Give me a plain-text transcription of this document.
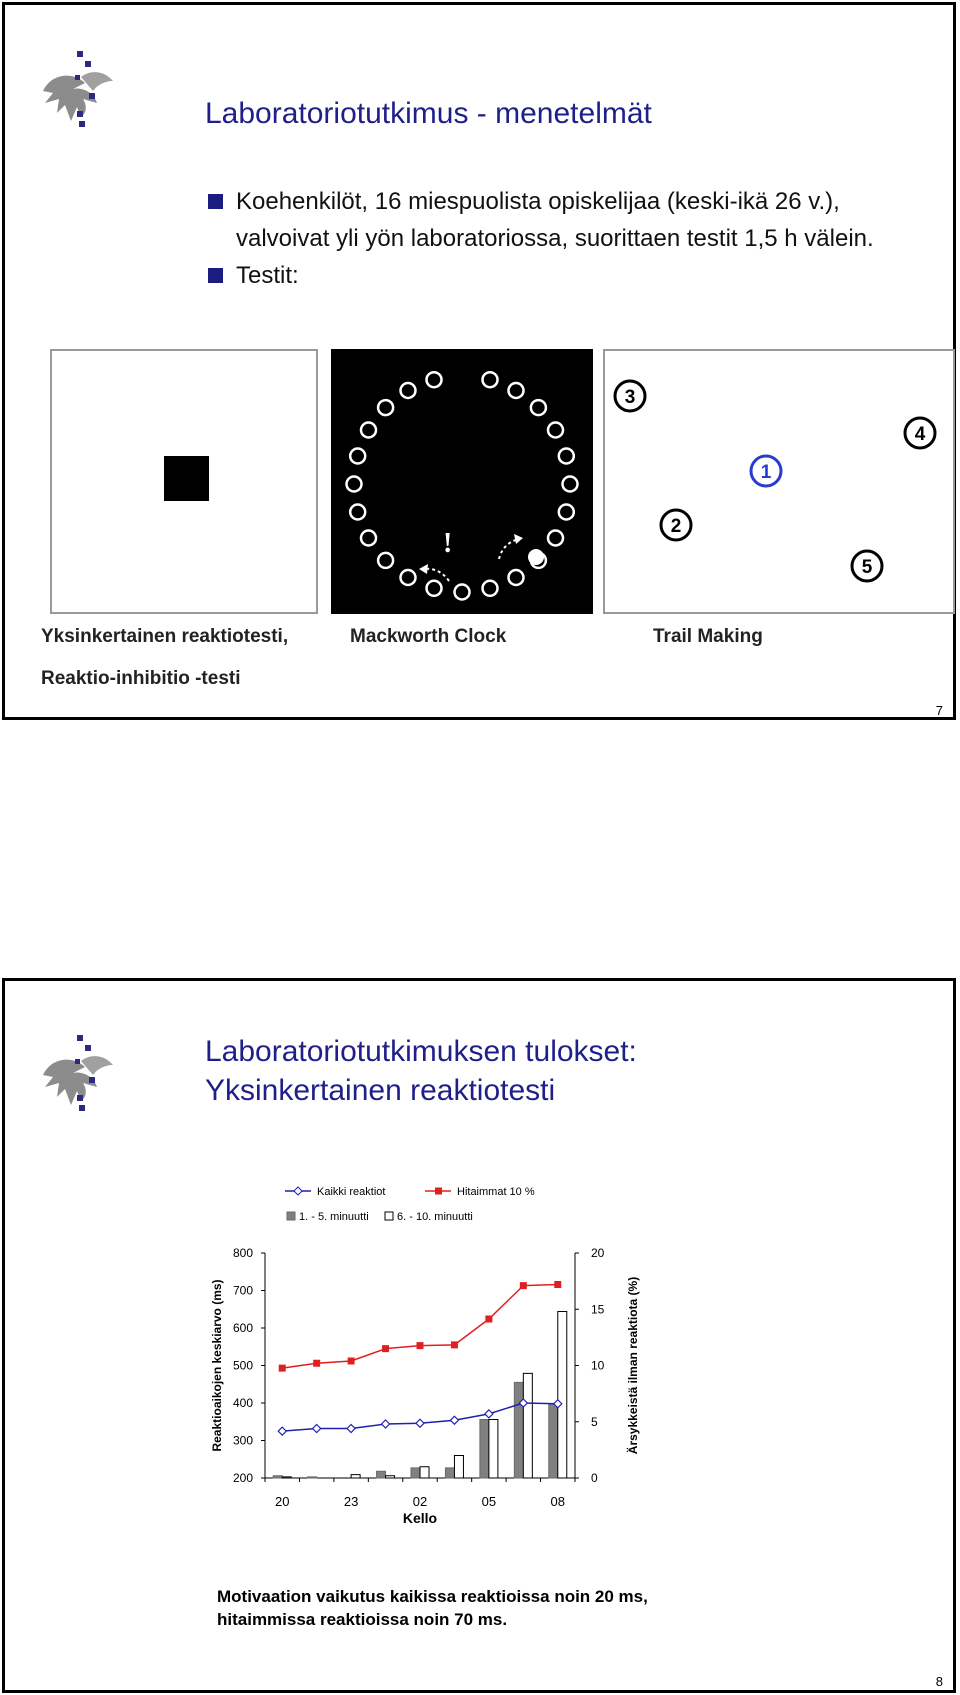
Laboratoriotutkimus - menetelmät
Koehenkilöt, 16 miespuolista opiskelijaa (keski-ikä 26 v.), valvoivat yli yön laboratoriossa, suorittaen testit 1,5 h välein.
Testit:
!
3
4
1
2
5
Yksinkertainen reaktiotesti,	Mackworth Clock	Trail Making
Reaktio-inhibitio -testi
7
Laboratoriotutkimuksen tulokset:
Yksinkertainen reaktiotesti
200
300
400
500
600
700
800
0
5
10
15
20
20	23	02	05	08
Kello
Reaktioaikojen keskiarvo (ms)	Ärsykkeistä ilman reaktiota (%)
Kaikki reaktiot	Hitaimmat 10 %
1. - 5. minuutti	6. - 10. minuutti
Motivaation vaikutus kaikissa reaktioissa noin 20 ms,
hitaimmissa reaktioissa noin 70 ms.
8
